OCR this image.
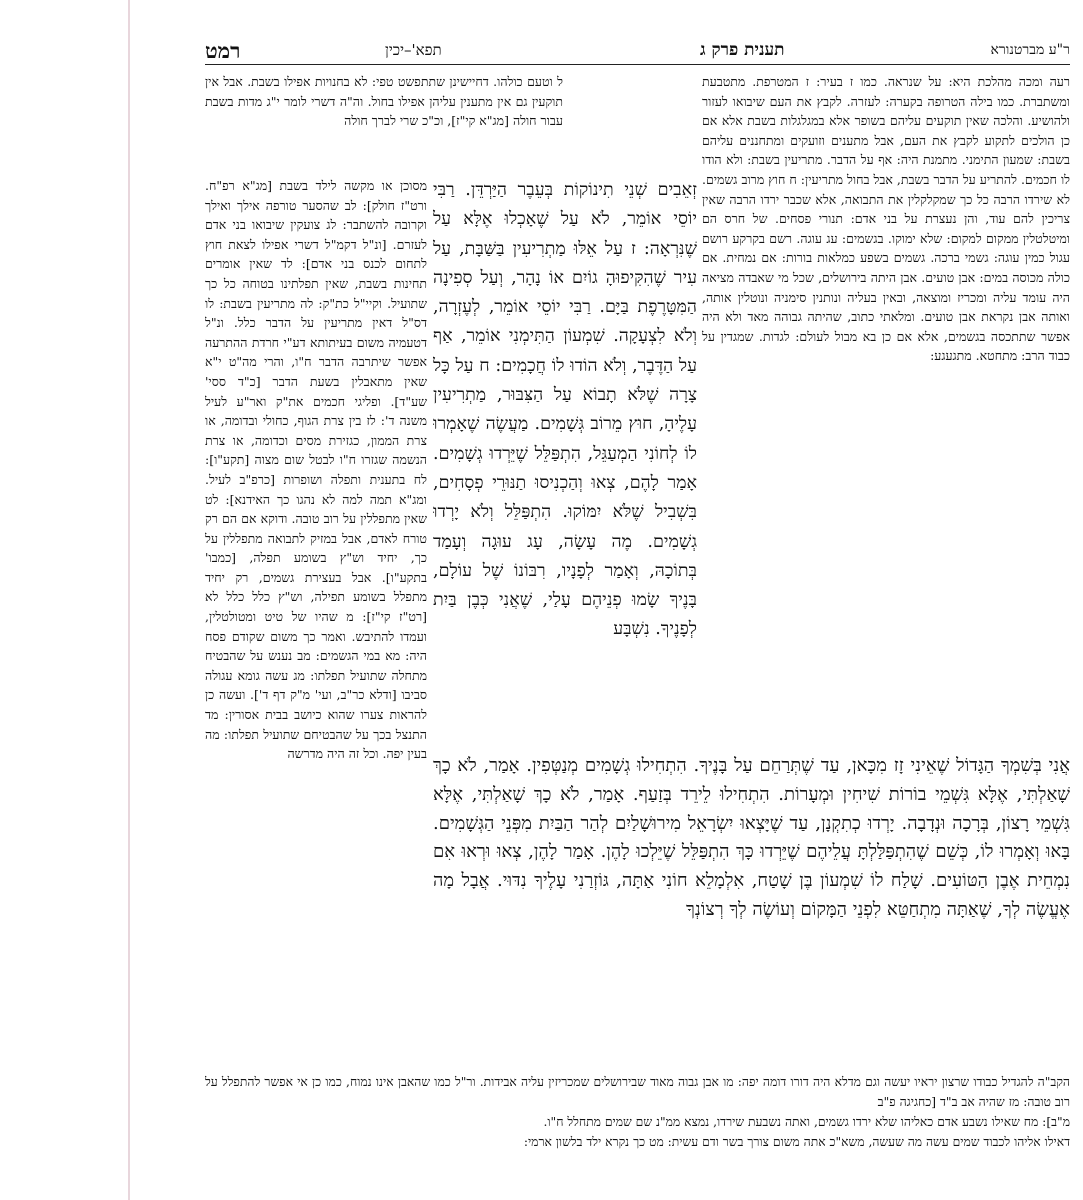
רמט	תפא'–יכין	תענית פרק ג	ר"ע מברטנורא

רעה ומכה מהלכת היא: על שנראה. כמו ז בעיר: ז המטרפת. מתטבעת ומשתברת. כמו בילה הטרופה בקערה: לעזרה. לקבץ את העם שיבואו לעזור ולהושיע. והלכה שאין תוקעים עליהם בשופר אלא במגלגלות בשבת אלא אם כן הולכים לתקוע לקבץ את העם, אבל מתענים וזועקים ומתחננים עליהם בשבת: שמעון התימני. מתמנת היה: אף על הדבר. מתריעין בשבת: ולא הודו לו חכמים. להתריע על הדבר בשבת, אבל בחול מתריעין: ח חוץ מרוב גשמים. לא שירדו הרבה כל כך שמקלקלין את התבואה, אלא שכבר ירדו הרבה שאין צריכין להם עוד, והן נעצרת על בני אדם: תנורי פסחים. של חרס הם ומיטלטלין ממקום למקום: שלא ימוקו. בגשמים: עג עוגה. רשם בקרקע רושם עגול כמין עוגה: גשמי ברכה. גשמים בשפע כמלאות בורות: אם נמחית. אם כולה מכוסה במים: אבן טועים. אבן היתה בירושלים, שכל מי שאבדה מציאה היה עומד עליה ומכריז ומוצאה, ובאין בעליה ונותנין סימניה ונוטלין אותה, ואותה אבן נקראת אבן טועים. ומלאתי כתוב, שהיתה גבוהה מאד ולא היה אפשר שתתכסה בגשמים, אלא אם כן בא מבול לעולם: לגדות. שמגדין על כבוד הרב: מתחטא. מתגעגע:

ל וטעם כולהו. דחיישינן שתתפשט טפי: לא בחנויות אפילו בשבת. אבל אין תוקעין גם אין מתענין עליהן אפילו בחול. וה"ה דשרי לומר י"ג מדות בשבת עבור חולה [מג"א קי"ז], וכ"כ שרי לברך חולה

מסוכן או מקשה לילד בשבת [מג"א רפ"ח. ורט"ז חולק]: לב שהסער טורפה אילך ואילך וקרובה להשתבר: לג צועקין שיבואו בני אדם לעזרם. [ונ"ל דקמ"ל דשרי אפילו לצאת חוץ לתחום לכנס בני אדם]: לד שאין אומרים תחינות בשבת, שאין תפלתינו בטוחה כל כך שתועיל. וקיי"ל כת"ק: לה מתריעין בשבת: לו דס"ל דאין מתריעין על הדבר כלל. ונ"ל דטעמיה משום בעיתותא דע"י חרדת ההתרעה אפשר שיתרבה הדבר ח"ו, והרי מה"ט י"א שאין מתאבלין בשעת הדבר [כ"ד ססי' שע"ד]. ופליגי חכמים את"ק ואר"ע לעיל משנה ד': לז בין צרת הגוף, כחולי ובדומה, או צרת הממון, כגזירת מסים וכדומה, או צרת הנשמה שגזרו ח"ו לבטל שום מצוה [תקע"ו]: לח בתענית ותפלה ושופרות [כרפ"ב לעיל. ומג"א תמה למה לא נהגו כך האידנא]: לט שאין מתפללין על רוב טובה. ודוקא אם הם רק טורח לאדם, אבל במזיק לתבואה מתפללין על כך, יחיד וש"ץ בשומע תפלה, [כמבו' בתקע"ו]. אבל בעצירת גשמים, רק יחיד מתפלל בשומע תפילה, וש"ץ כלל כלל לא [רט"ז קי"ז]: מ שהיו של טיט ומטולטלין, ועמדו להתיבש. ואמר כך משום שקודם פסח היה: מא במי הגשמים: מב נענש על שהבטיח מתחלה שתועיל תפלתו: מג עשה גומא עגולה סביבו [ודלא כר"ב, ועי' מ"ק דף ד']. ועשה כן להראות צערו שהוא כיושב בבית אסורין: מד התנצל בכך על שהבטיחם שתועיל תפלתו: מה בעין יפה. וכל זה היה מדרשה

זְאֵבִים שְׁנֵי תִינוֹקוֹת בְּעֵבֶר הַיַּרְדֵּן. רַבִּי יוֹסֵי אוֹמֵר, לֹא עַל שֶׁאָכְלוּ אֶלָּא עַל שֶׁנִּרְאָה: ז עַל אֵלּוּ מַתְרִיעִין בַּשַּׁבָּת, עַל עִיר שֶׁהִקִּיפוּהָ גוֹיִם אוֹ נָהָר, וְעַל סְפִינָה הַמִּטָּרֶפֶת בַּיָּם. רַבִּי יוֹסֵי אוֹמֵר, לְעֶזְרָה, וְלֹא לִצְעָקָה. שִׁמְעוֹן הַתִּימְנִי אוֹמֵר, אַף עַל הַדֶּבֶר, וְלֹא הוֹדוּ לוֹ חֲכָמִים: ח עַל כָּל צָרָה שֶׁלֹּא תָבוֹא עַל הַצִּבּוּר, מַתְרִיעִין עָלֶיהָ, חוּץ מֵרוֹב גְּשָׁמִים. מַעֲשֶׂה שֶׁאָמְרוּ לוֹ לְחוֹנִי הַמְעַגֵּל, הִתְפַּלֵּל שֶׁיֵּרְדוּ גְשָׁמִים. אָמַר לָהֶם, צְאוּ וְהַכְנִיסוּ תַנּוּרֵי פְסָחִים, בִּשְׁבִיל שֶׁלֹּא יִמּוֹקוּ. הִתְפַּלֵּל וְלֹא יָרְדוּ גְשָׁמִים. מֶה עָשָׂה, עָג עוּגָה וְעָמַד בְּתוֹכָהּ, וְאָמַר לְפָנָיו, רִבּוֹנוֹ שֶׁל עוֹלָם, בָּנֶיךָ שָׂמוּ פְנֵיהֶם עָלַי, שֶׁאֲנִי כְּבֶן בַּיִת לְפָנֶיךָ. נִשְׁבָּע

אֲנִי בְּשִׁמְךָ הַגָּדוֹל שֶׁאֵינִי זָז מִכָּאן, עַד שֶׁתְּרַחֵם עַל בָּנֶיךָ. הִתְחִילוּ גְשָׁמִים מְנַטְּפִין. אָמַר, לֹא כָךְ שָׁאַלְתִּי, אֶלָּא גִּשְׁמֵי בוֹרוֹת שִׁיחִין וּמְעָרוֹת. הִתְחִילוּ לֵירֵד בְּזַעַף. אָמַר, לֹא כָךְ שָׁאַלְתִּי, אֶלָּא גִּשְׁמֵי רָצוֹן, בְּרָכָה וּנְדָבָה. יָרְדוּ כְתִקְנָן, עַד שֶׁיָּצְאוּ יִשְׂרָאֵל מִירוּשָׁלַיִם לְהַר הַבַּיִת מִפְּנֵי הַגְּשָׁמִים. בָּאוּ וְאָמְרוּ לוֹ, כְּשֵׁם שֶׁהִתְפַּלַּלְתָּ עֲלֵיהֶם שֶׁיֵּרְדוּ כָּךְ הִתְפַּלֵּל שֶׁיֵּלְכוּ לָהֶן. אָמַר לָהֶן, צְאוּ וּרְאוּ אִם נִמְחֵית אֶבֶן הַטּוֹעִים. שָׁלַח לוֹ שִׁמְעוֹן בֶּן שָׁטַח, אִלְמָלֵא חוֹנִי אַתָּה, גּוֹזְרַנִי עָלֶיךָ נִדּוּי. אֲבָל מָה אֶעֱשֶׂה לְךָ, שֶׁאַתָּה מִתְחַטֵּא לִפְנֵי הַמָּקוֹם וְעוֹשֶׂה לְךָ רְצוֹנְךָ

הקב"ה להגדיל כבודו שרצון יראיו יעשה וגם מדלא היה דורו דומה יפה: מו אבן גבוה מאוד שבירושלים שמכריזין עליה אבידות. ור"ל כמו שהאבן אינו נמוח, כמו כן אי אפשר להתפלל על רוב טובה: מז שהיה אב ב"ד [כחגיגה פ"ב

מ"ב]: מח שאילו נשבע אדם כאליהו שלא ירדו גשמים, ואתה נשבעת שירדו, נמצא ממ"נ שם שמים מתחלל ח"ו.

דאילו אליהו לכבוד שמים עשה מה שעשה, משא"כ אתה משום צורך בשר ודם עשית: מט כך נקרא ילד בלשון ארמי:
